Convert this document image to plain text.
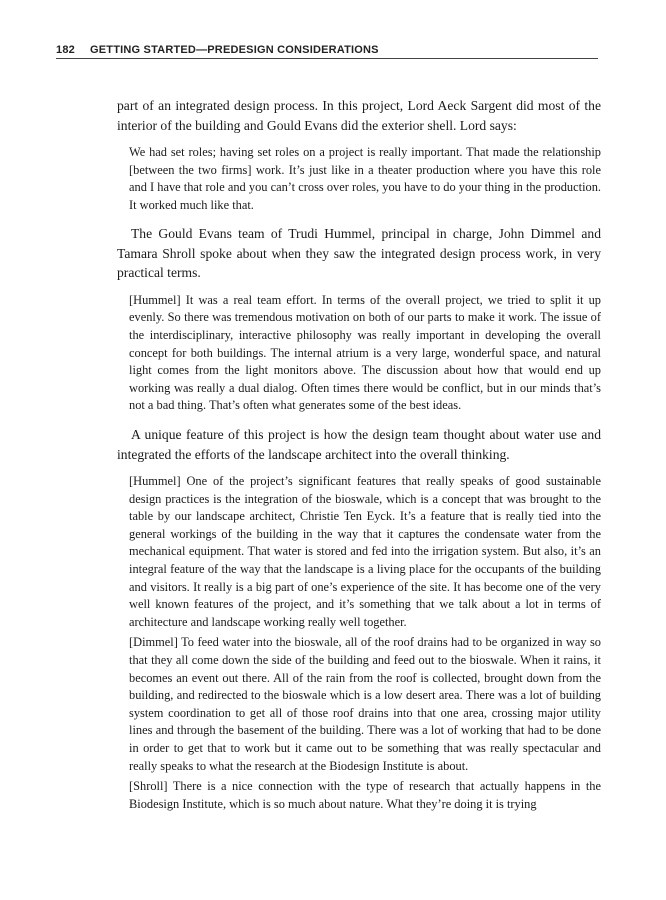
182 GETTING STARTED—PREDESIGN CONSIDERATIONS

part of an integrated design process. In this project, Lord Aeck Sargent did most of the interior of the building and Gould Evans did the exterior shell. Lord says:

We had set roles; having set roles on a project is really important. That made the relationship [between the two firms] work. It’s just like in a theater production where you have this role and I have that role and you can’t cross over roles, you have to do your thing in the production. It worked much like that.

The Gould Evans team of Trudi Hummel, principal in charge, John Dimmel and Tamara Shroll spoke about when they saw the integrated design process work, in very practical terms.

[Hummel] It was a real team effort. In terms of the overall project, we tried to split it up evenly. So there was tremendous motivation on both of our parts to make it work. The issue of the interdisciplinary, interactive philosophy was really important in developing the overall concept for both buildings. The internal atrium is a very large, wonderful space, and natural light comes from the light monitors above. The discussion about how that would end up working was really a dual dialog. Often times there would be conflict, but in our minds that’s not a bad thing. That’s often what generates some of the best ideas.

A unique feature of this project is how the design team thought about water use and integrated the efforts of the landscape architect into the overall thinking.

[Hummel] One of the project’s significant features that really speaks of good sustainable design practices is the integration of the bioswale, which is a concept that was brought to the table by our landscape architect, Christie Ten Eyck. It’s a feature that is really tied into the general workings of the building in the way that it captures the condensate water from the mechanical equipment. That water is stored and fed into the irrigation system. But also, it’s an integral feature of the way that the landscape is a living place for the occupants of the building and visitors. It really is a big part of one’s experience of the site. It has become one of the very well known features of the project, and it’s something that we talk about a lot in terms of architecture and landscape working really well together.

[Dimmel] To feed water into the bioswale, all of the roof drains had to be organized in way so that they all come down the side of the building and feed out to the bioswale. When it rains, it becomes an event out there. All of the rain from the roof is collected, brought down from the building, and redirected to the bioswale which is a low desert area. There was a lot of building system coordination to get all of those roof drains into that one area, crossing major utility lines and through the basement of the building. There was a lot of working that had to be done in order to get that to work but it came out to be something that was really spectacular and really speaks to what the research at the Biodesign Institute is about.

[Shroll] There is a nice connection with the type of research that actually happens in the Biodesign Institute, which is so much about nature. What they’re doing it is trying
